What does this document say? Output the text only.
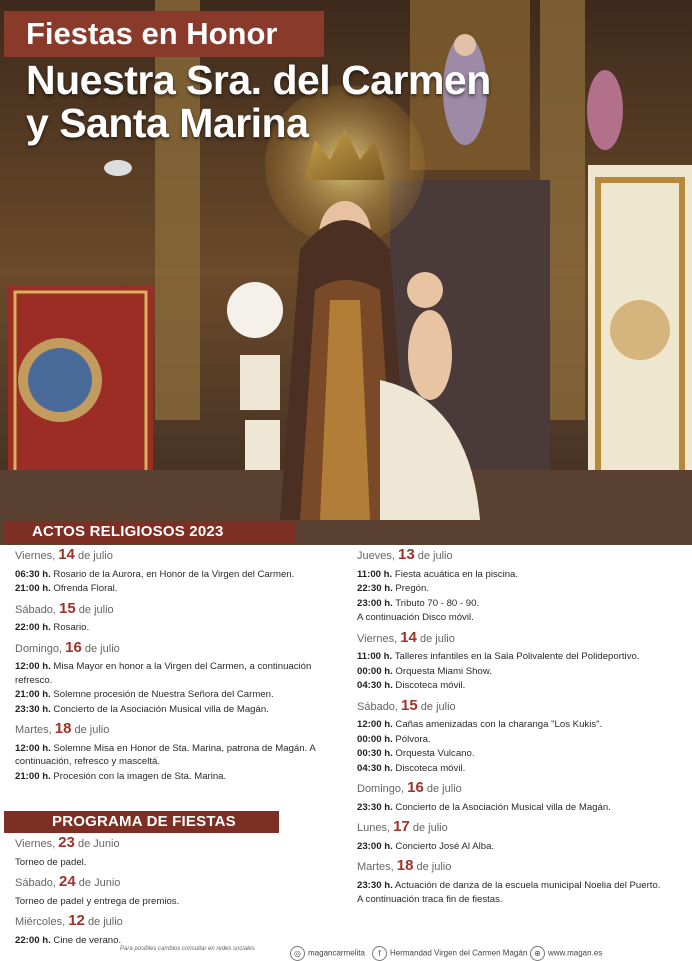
Fiestas en Honor
Nuestra Sra. del Carmen
y Santa Marina
ACTOS RELIGIOSOS 2023
Viernes, 14 de julio
06:30 h. Rosario de la Aurora, en Honor de la Virgen del Carmen.
21:00 h. Ofrenda Floral.
Sábado, 15 de julio
22:00 h. Rosario.
Domingo, 16 de julio
12:00 h. Misa Mayor en honor a la Virgen del Carmen, a continuación refresco.
21:00 h. Solemne procesión de Nuestra Señora del Carmen.
23:30 h. Concierto de la Asociación Musical villa de Magán.
Martes, 18 de julio
12:00 h. Solemne Misa en Honor de Sta. Marina, patrona de Magán. A continuación, refresco y masceltá.
21:00 h. Procesión con la imagen de Sta. Marina.
PROGRAMA DE FIESTAS
Viernes, 23 de Junio
Torneo de padel.
Sábado, 24 de Junio
Torneo de padel y entrega de premios.
Miércoles, 12 de julio
22:00 h. Cine de verano.
Jueves, 13 de julio
11:00 h. Fiesta acuática en la piscina.
22:30 h. Pregón.
23:00 h. Tributo 70 - 80 - 90.
A continuación Disco móvil.
Viernes, 14 de julio
11:00 h. Talleres infantiles en la Sala Polivalente del Polideportivo.
00:00 h. Orquesta Miami Show.
04:30 h. Discoteca móvil.
Sábado, 15 de julio
12:00 h. Cañas amenizadas con la charanga "Los Kukis".
00:00 h. Pólvora.
00:30 h. Orquesta Vulcano.
04:30 h. Discoteca móvil.
Domingo, 16 de julio
23:30 h. Concierto de la Asociación Musical villa de Magán.
Lunes, 17 de julio
23:00 h. Concierto José Al Alba.
Martes, 18 de julio
23:30 h. Actuación de danza de la escuela municipal Noelia del Puerto.
A continuación traca fin de fiestas.
Para posibles cambios consultar en redes sociales	◎ magancarmelita	f Hermandad Virgen del Carmen Magán ⊕ www.magan.es
